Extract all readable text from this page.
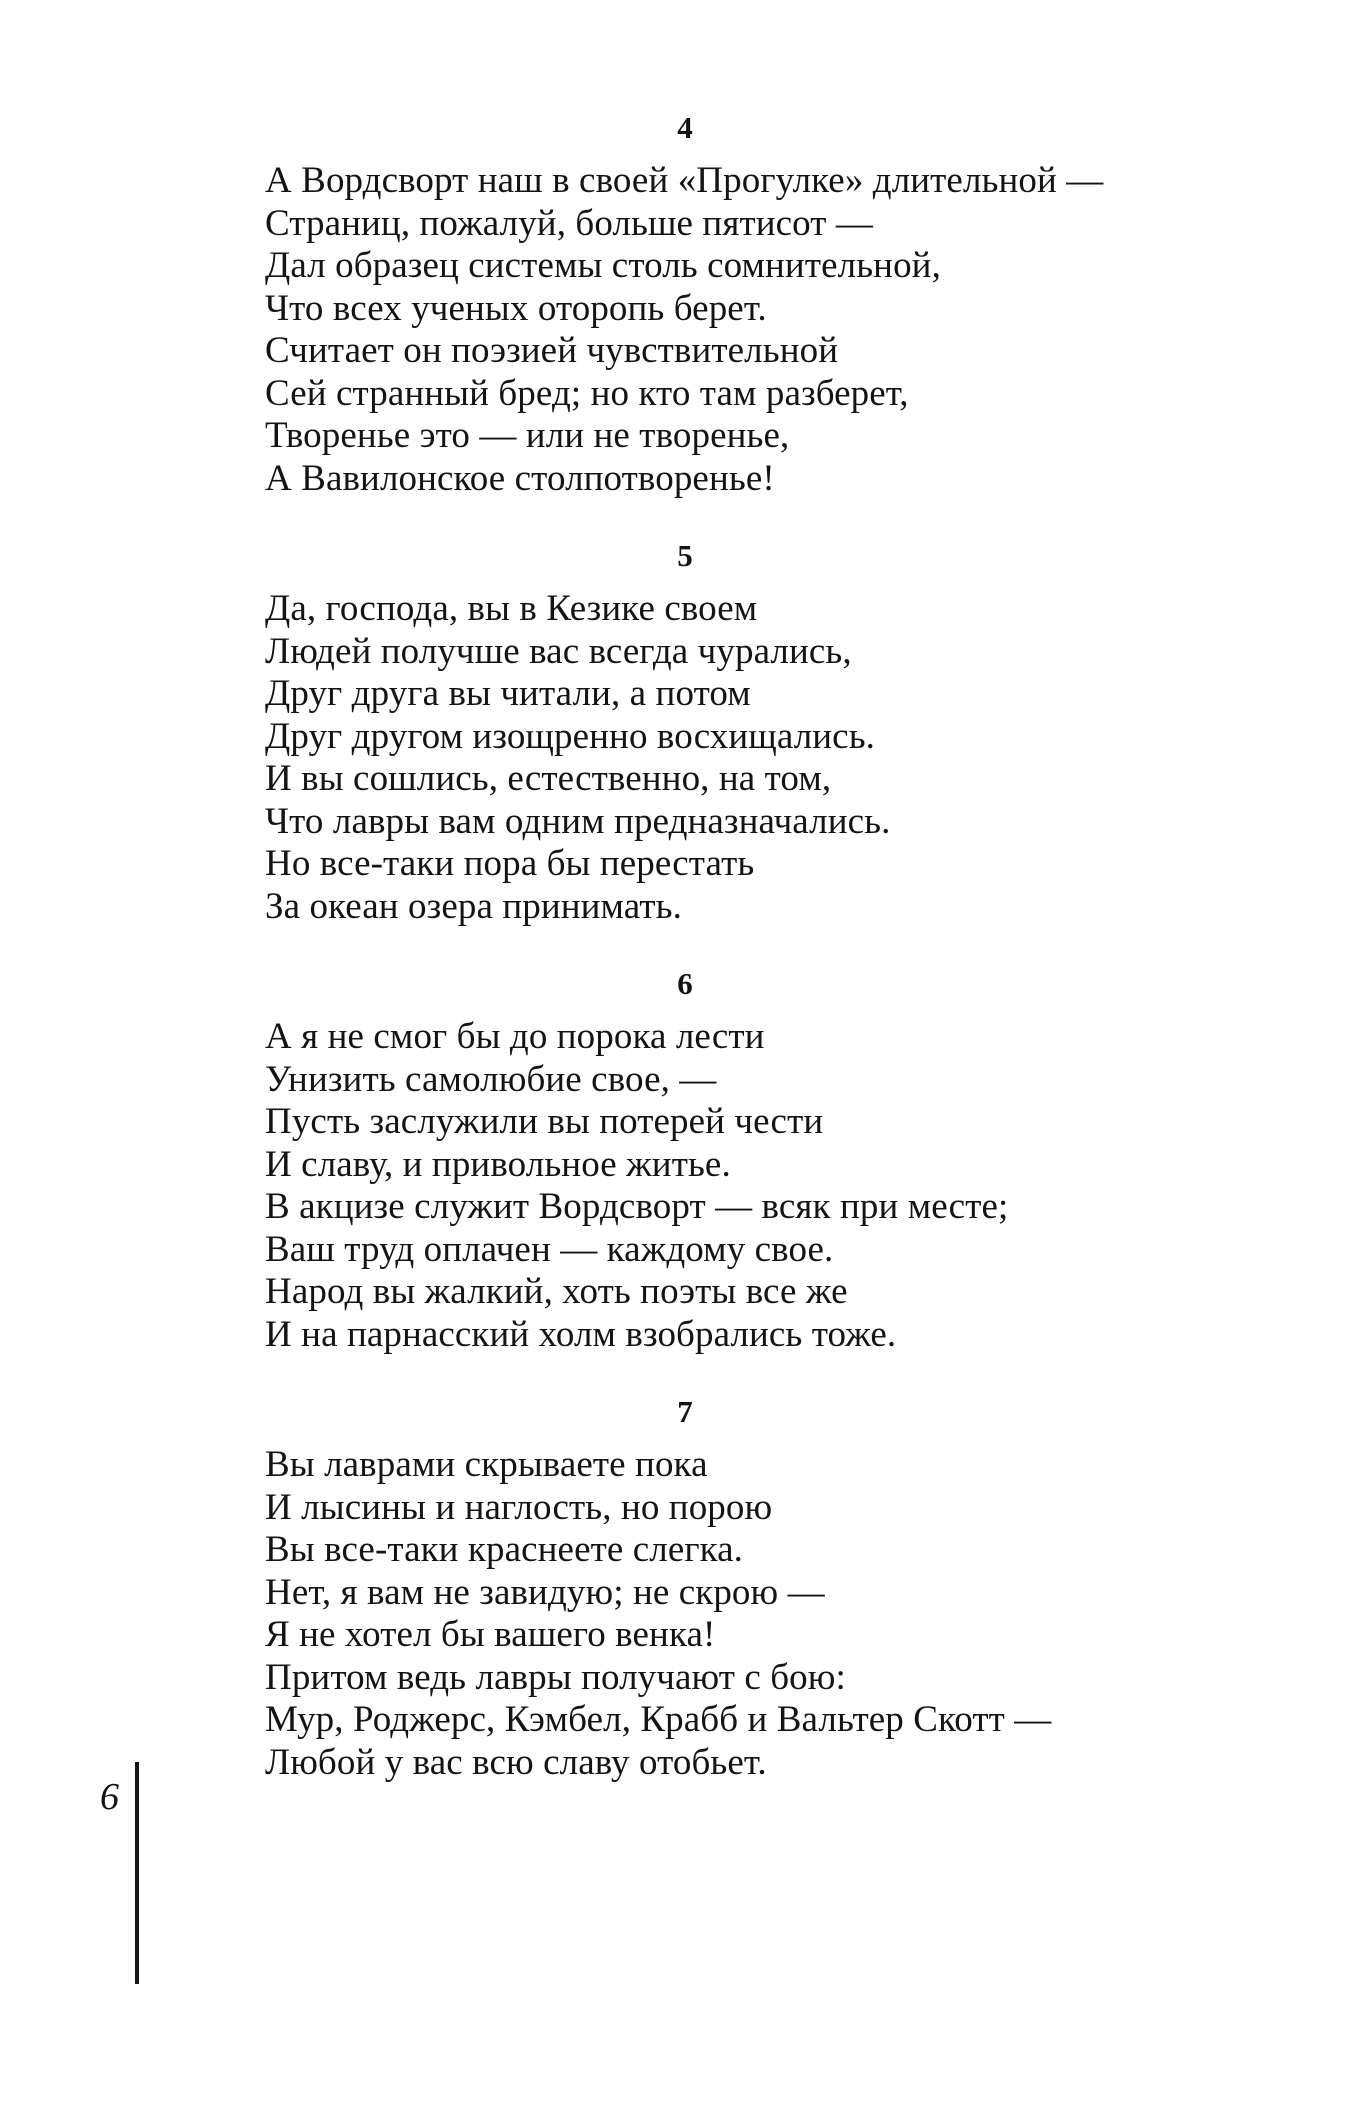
4
А Вордсворт наш в своей «Прогулке» длительной —
Страниц, пожалуй, больше пятисот —
Дал образец системы столь сомнительной,
Что всех ученых оторопь берет.
Считает он поэзией чувствительной
Сей странный бред; но кто там разберет,
Творенье это — или не творенье,
А Вавилонское столпотворенье!
5
Да, господа, вы в Кезике своем
Людей получше вас всегда чурались,
Друг друга вы читали, а потом
Друг другом изощренно восхищались.
И вы сошлись, естественно, на том,
Что лавры вам одним предназначались.
Но все-таки пора бы перестать
За океан озера принимать.
6
А я не смог бы до порока лести
Унизить самолюбие свое, —
Пусть заслужили вы потерей чести
И славу, и привольное житье.
В акцизе служит Вордсворт — всяк при месте;
Ваш труд оплачен — каждому свое.
Народ вы жалкий, хоть поэты все же
И на парнасский холм взобрались тоже.
7
Вы лаврами скрываете пока
И лысины и наглость, но порою
Вы все-таки краснеете слегка.
Нет, я вам не завидую; не скрою —
Я не хотел бы вашего венка!
Притом ведь лавры получают с бою:
Мур, Роджерс, Кэмбел, Крабб и Вальтер Скотт —
Любой у вас всю славу отобьет.
6
